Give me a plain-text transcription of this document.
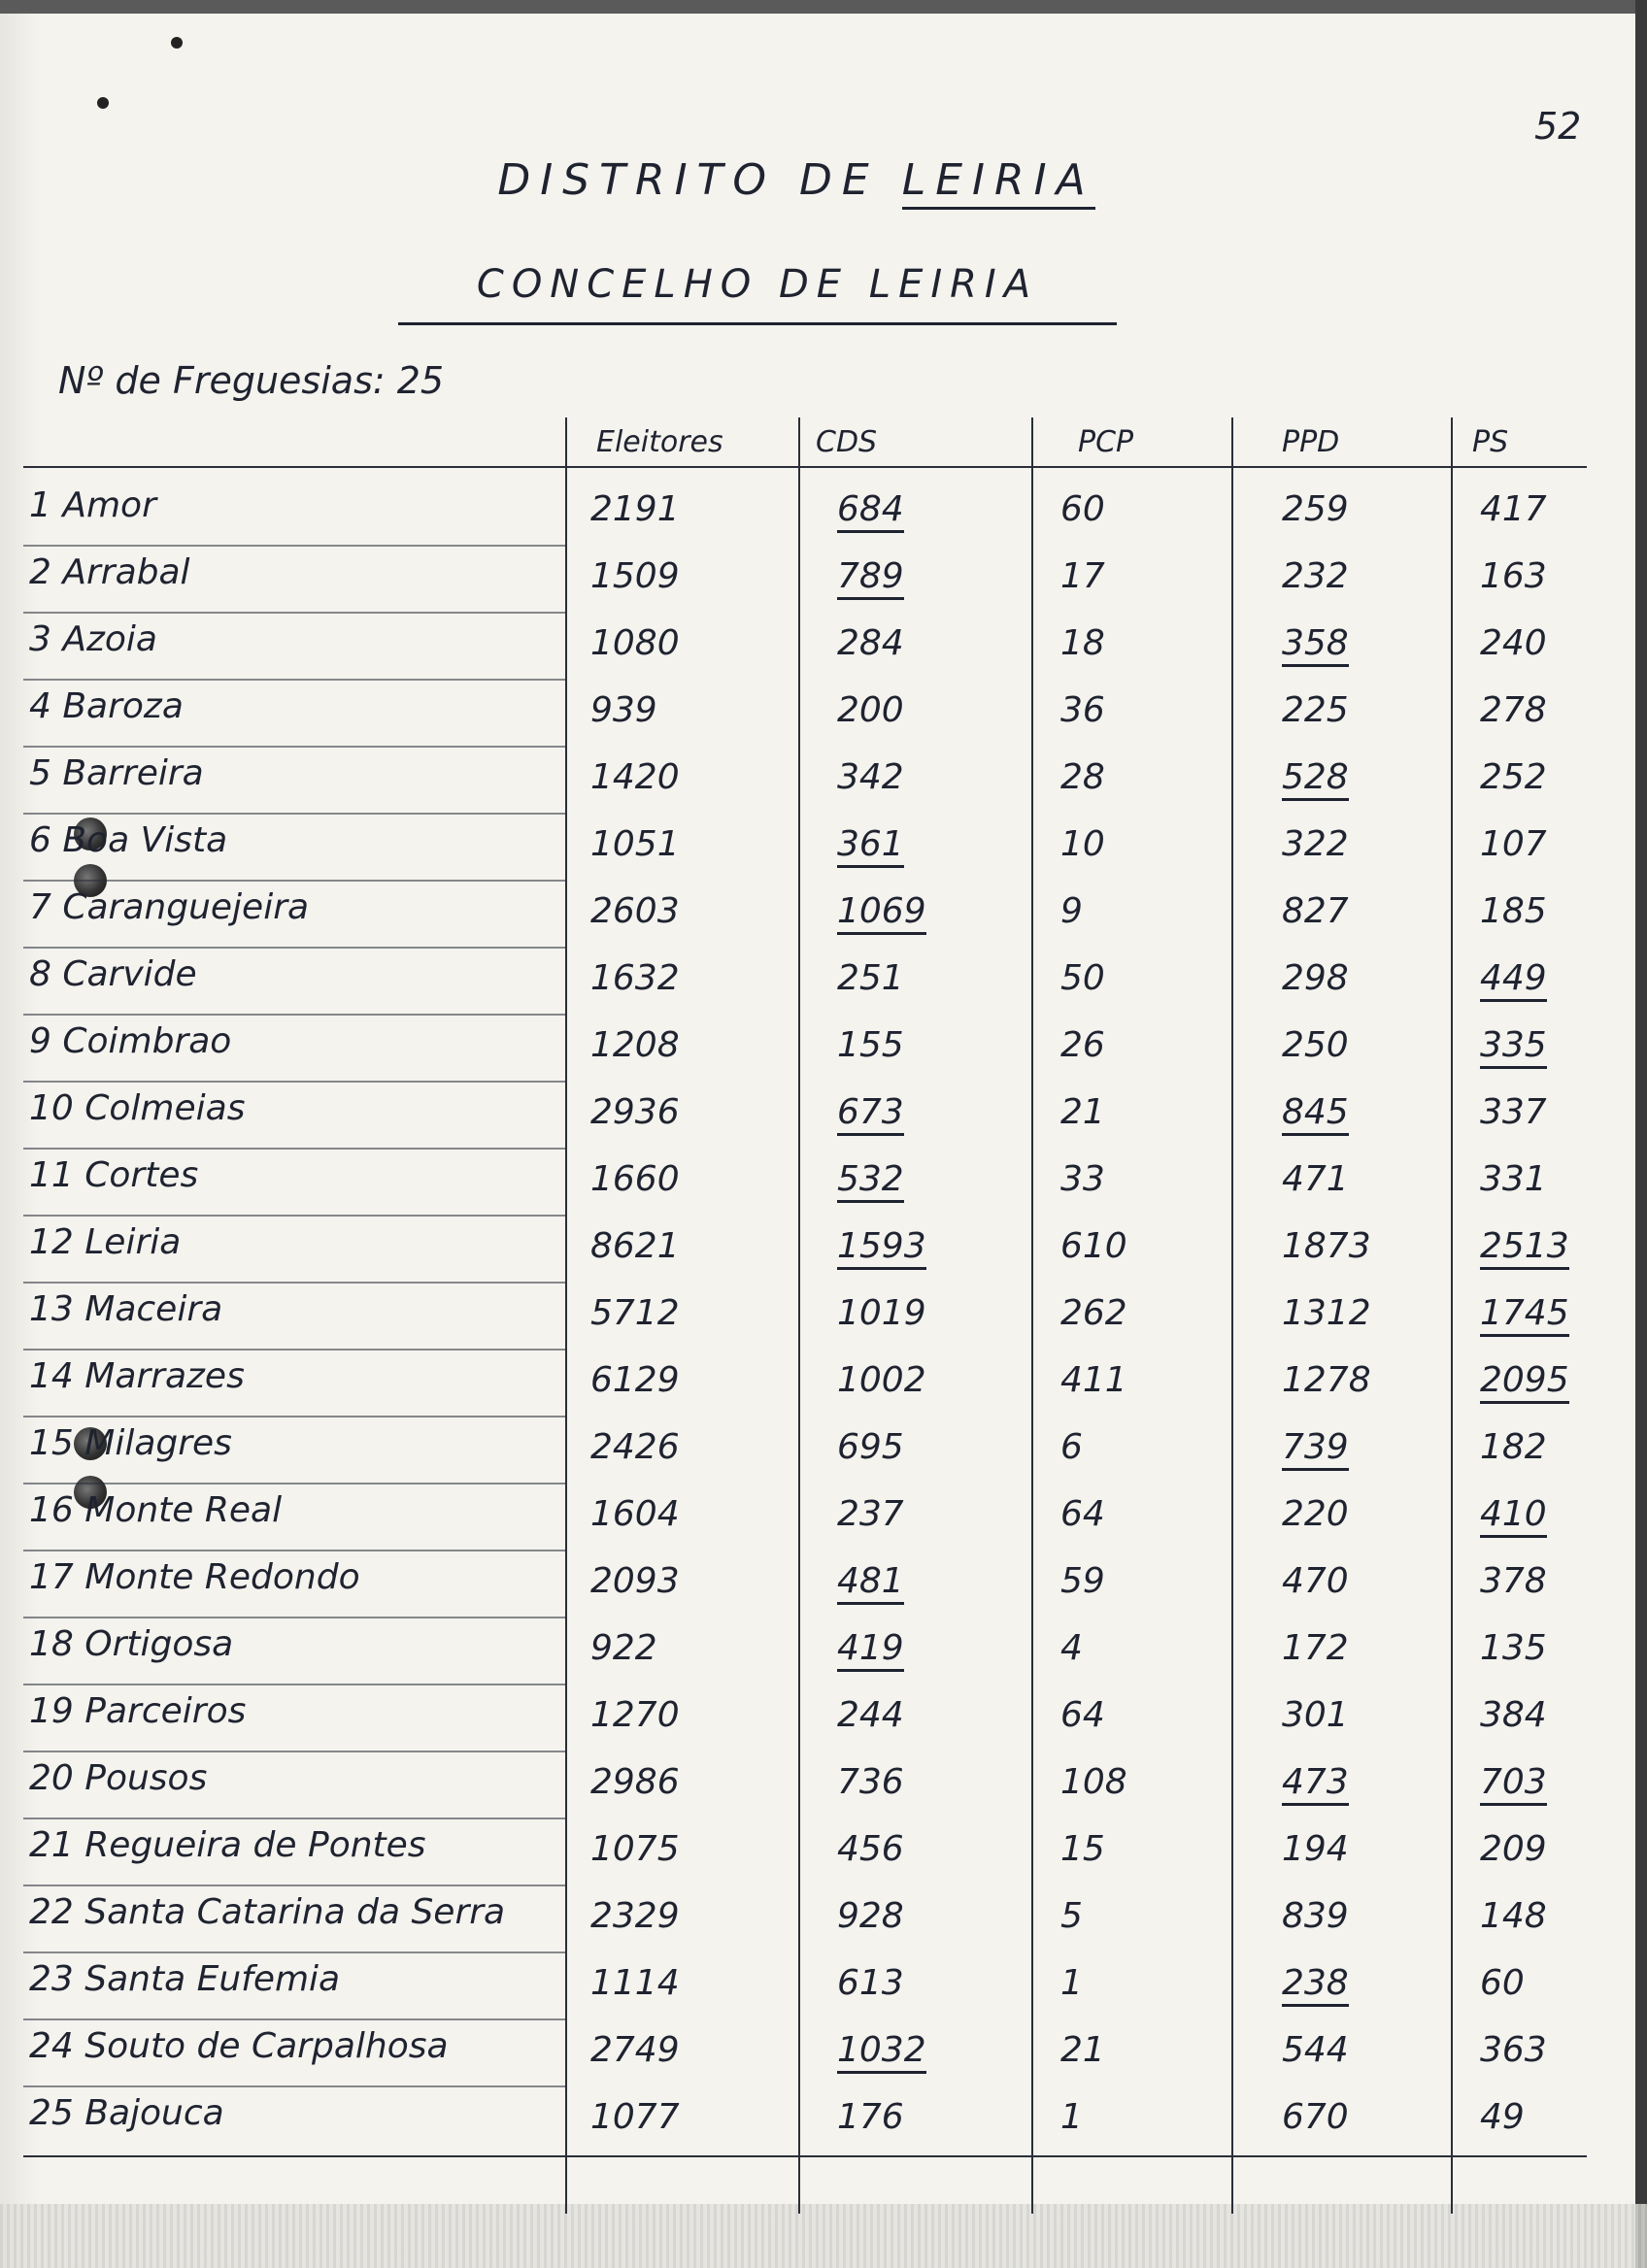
52
DISTRITO DE LEIRIA
CONCELHO DE LEIRIA
Nº de Freguesias: 25
Eleitores	CDS	PCP	PPD	PS
1 Amor	2191	684	60	259	417
2 Arrabal	1509	789	17	232	163
3 Azoia	1080	284	18	358	240
4 Baroza	939	200	36	225	278
5 Barreira	1420	342	28	528	252
6 Boa Vista	1051	361	10	322	107
7 Caranguejeira	2603	1069	9	827	185
8 Carvide	1632	251	50	298	449
9 Coimbrao	1208	155	26	250	335
10 Colmeias	2936	673	21	845	337
11 Cortes	1660	532	33	471	331
12 Leiria	8621	1593	610	1873	2513
13 Maceira	5712	1019	262	1312	1745
14 Marrazes	6129	1002	411	1278	2095
15 Milagres	2426	695	6	739	182
16 Monte Real	1604	237	64	220	410
17 Monte Redondo	2093	481	59	470	378
18 Ortigosa	922	419	4	172	135
19 Parceiros	1270	244	64	301	384
20 Pousos	2986	736	108	473	703
21 Regueira de Pontes	1075	456	15	194	209
22 Santa Catarina da Serra 2329	928	5	839	148
23 Santa Eufemia	1114	613	1	238	60
24 Souto de Carpalhosa	2749	1032	21	544	363
25 Bajouca	1077	176	1	670	49
